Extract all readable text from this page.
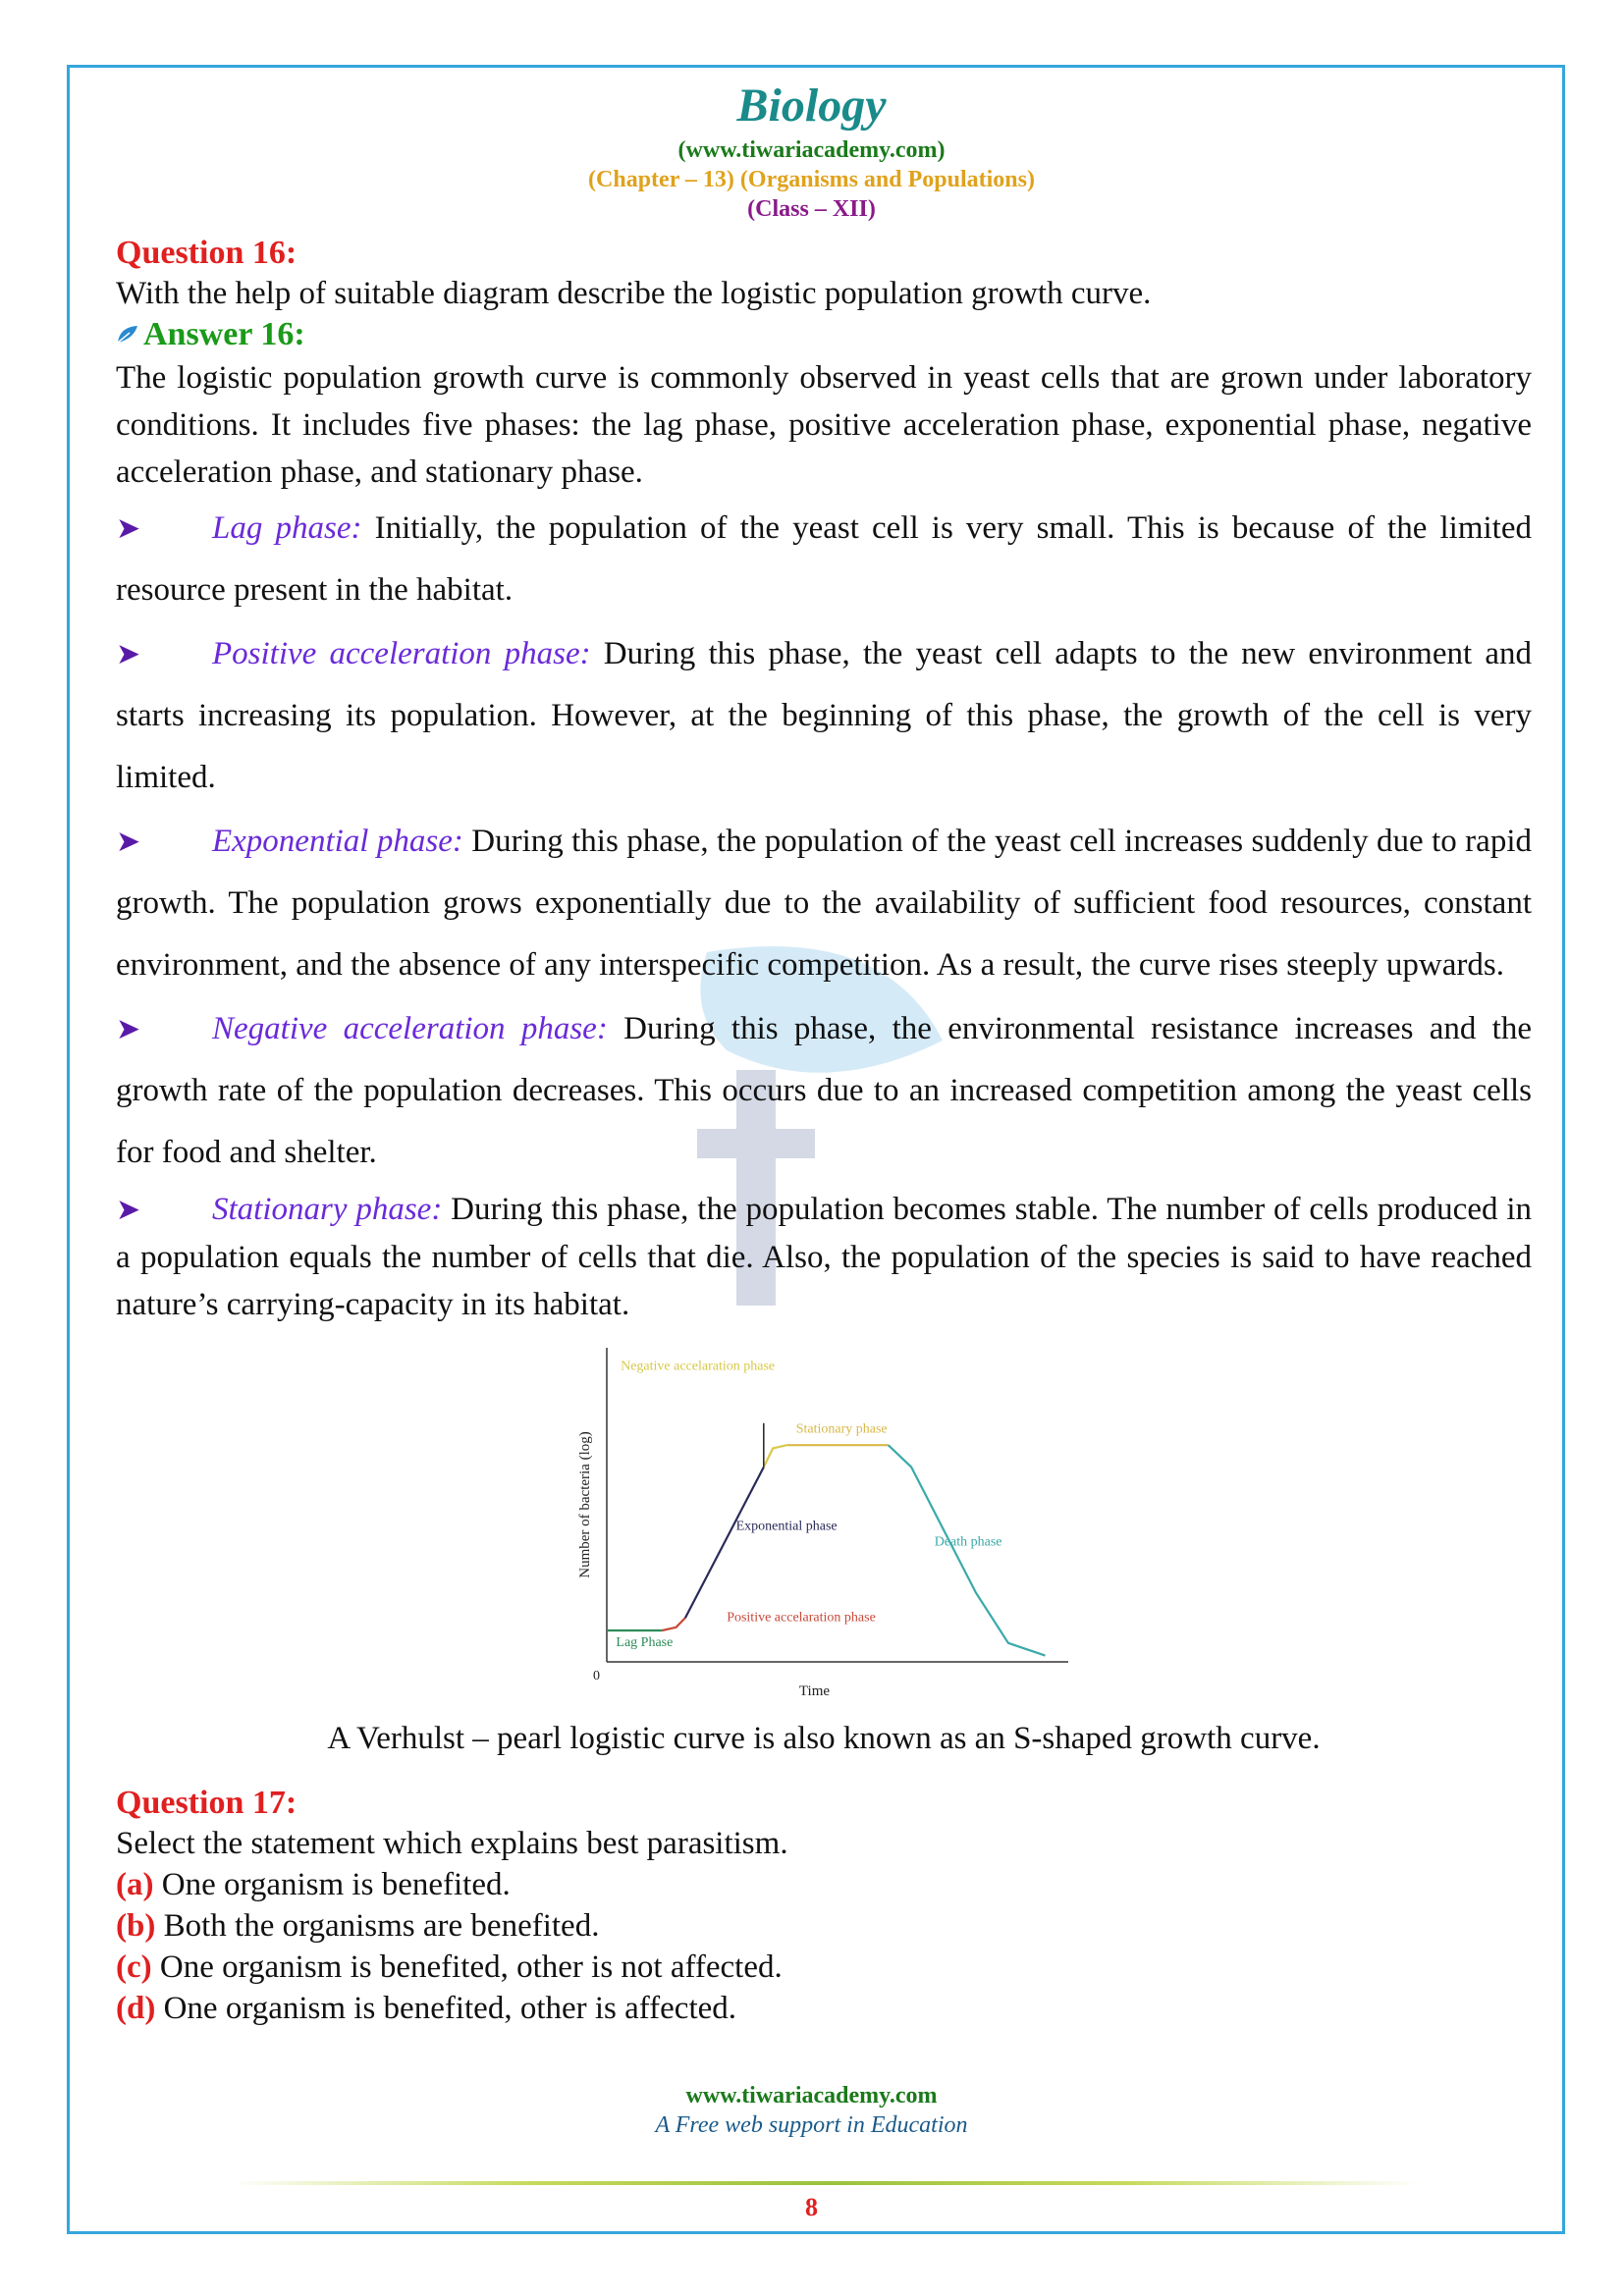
Biology
(www.tiwariacademy.com)
(Chapter – 13) (Organisms and Populations)
(Class – XII)
Question 16:
With the help of suitable diagram describe the logistic population growth curve.
Answer 16:
The logistic population growth curve is commonly observed in yeast cells that are grown under laboratory conditions. It includes five phases: the lag phase, positive acceleration phase, exponential phase, negative acceleration phase, and stationary phase.
➤ Lag phase: Initially, the population of the yeast cell is very small. This is because of the limited resource present in the habitat.
➤ Positive acceleration phase: During this phase, the yeast cell adapts to the new environment and starts increasing its population. However, at the beginning of this phase, the growth of the cell is very limited.
➤ Exponential phase: During this phase, the population of the yeast cell increases suddenly due to rapid growth. The population grows exponentially due to the availability of sufficient food resources, constant environment, and the absence of any interspecific competition. As a result, the curve rises steeply upwards.
➤ Negative acceleration phase: During this phase, the environmental resistance increases and the growth rate of the population decreases. This occurs due to an increased competition among the yeast cells for food and shelter.
➤ Stationary phase: During this phase, the population becomes stable. The number of cells produced in a population equals the number of cells that die. Also, the population of the species is said to have reached nature’s carrying-capacity in its habitat.
Number of bacteria (log)
Time
0
Negative accelaration phase
Stationary phase
Exponential phase
Death phase
Positive accelaration phase
Lag Phase
A Verhulst – pearl logistic curve is also known as an S-shaped growth curve.
Question 17:
Select the statement which explains best parasitism.
(a) One organism is benefited.
(b) Both the organisms are benefited.
(c) One organism is benefited, other is not affected.
(d) One organism is benefited, other is affected.
www.tiwariacademy.com
A Free web support in Education
8
